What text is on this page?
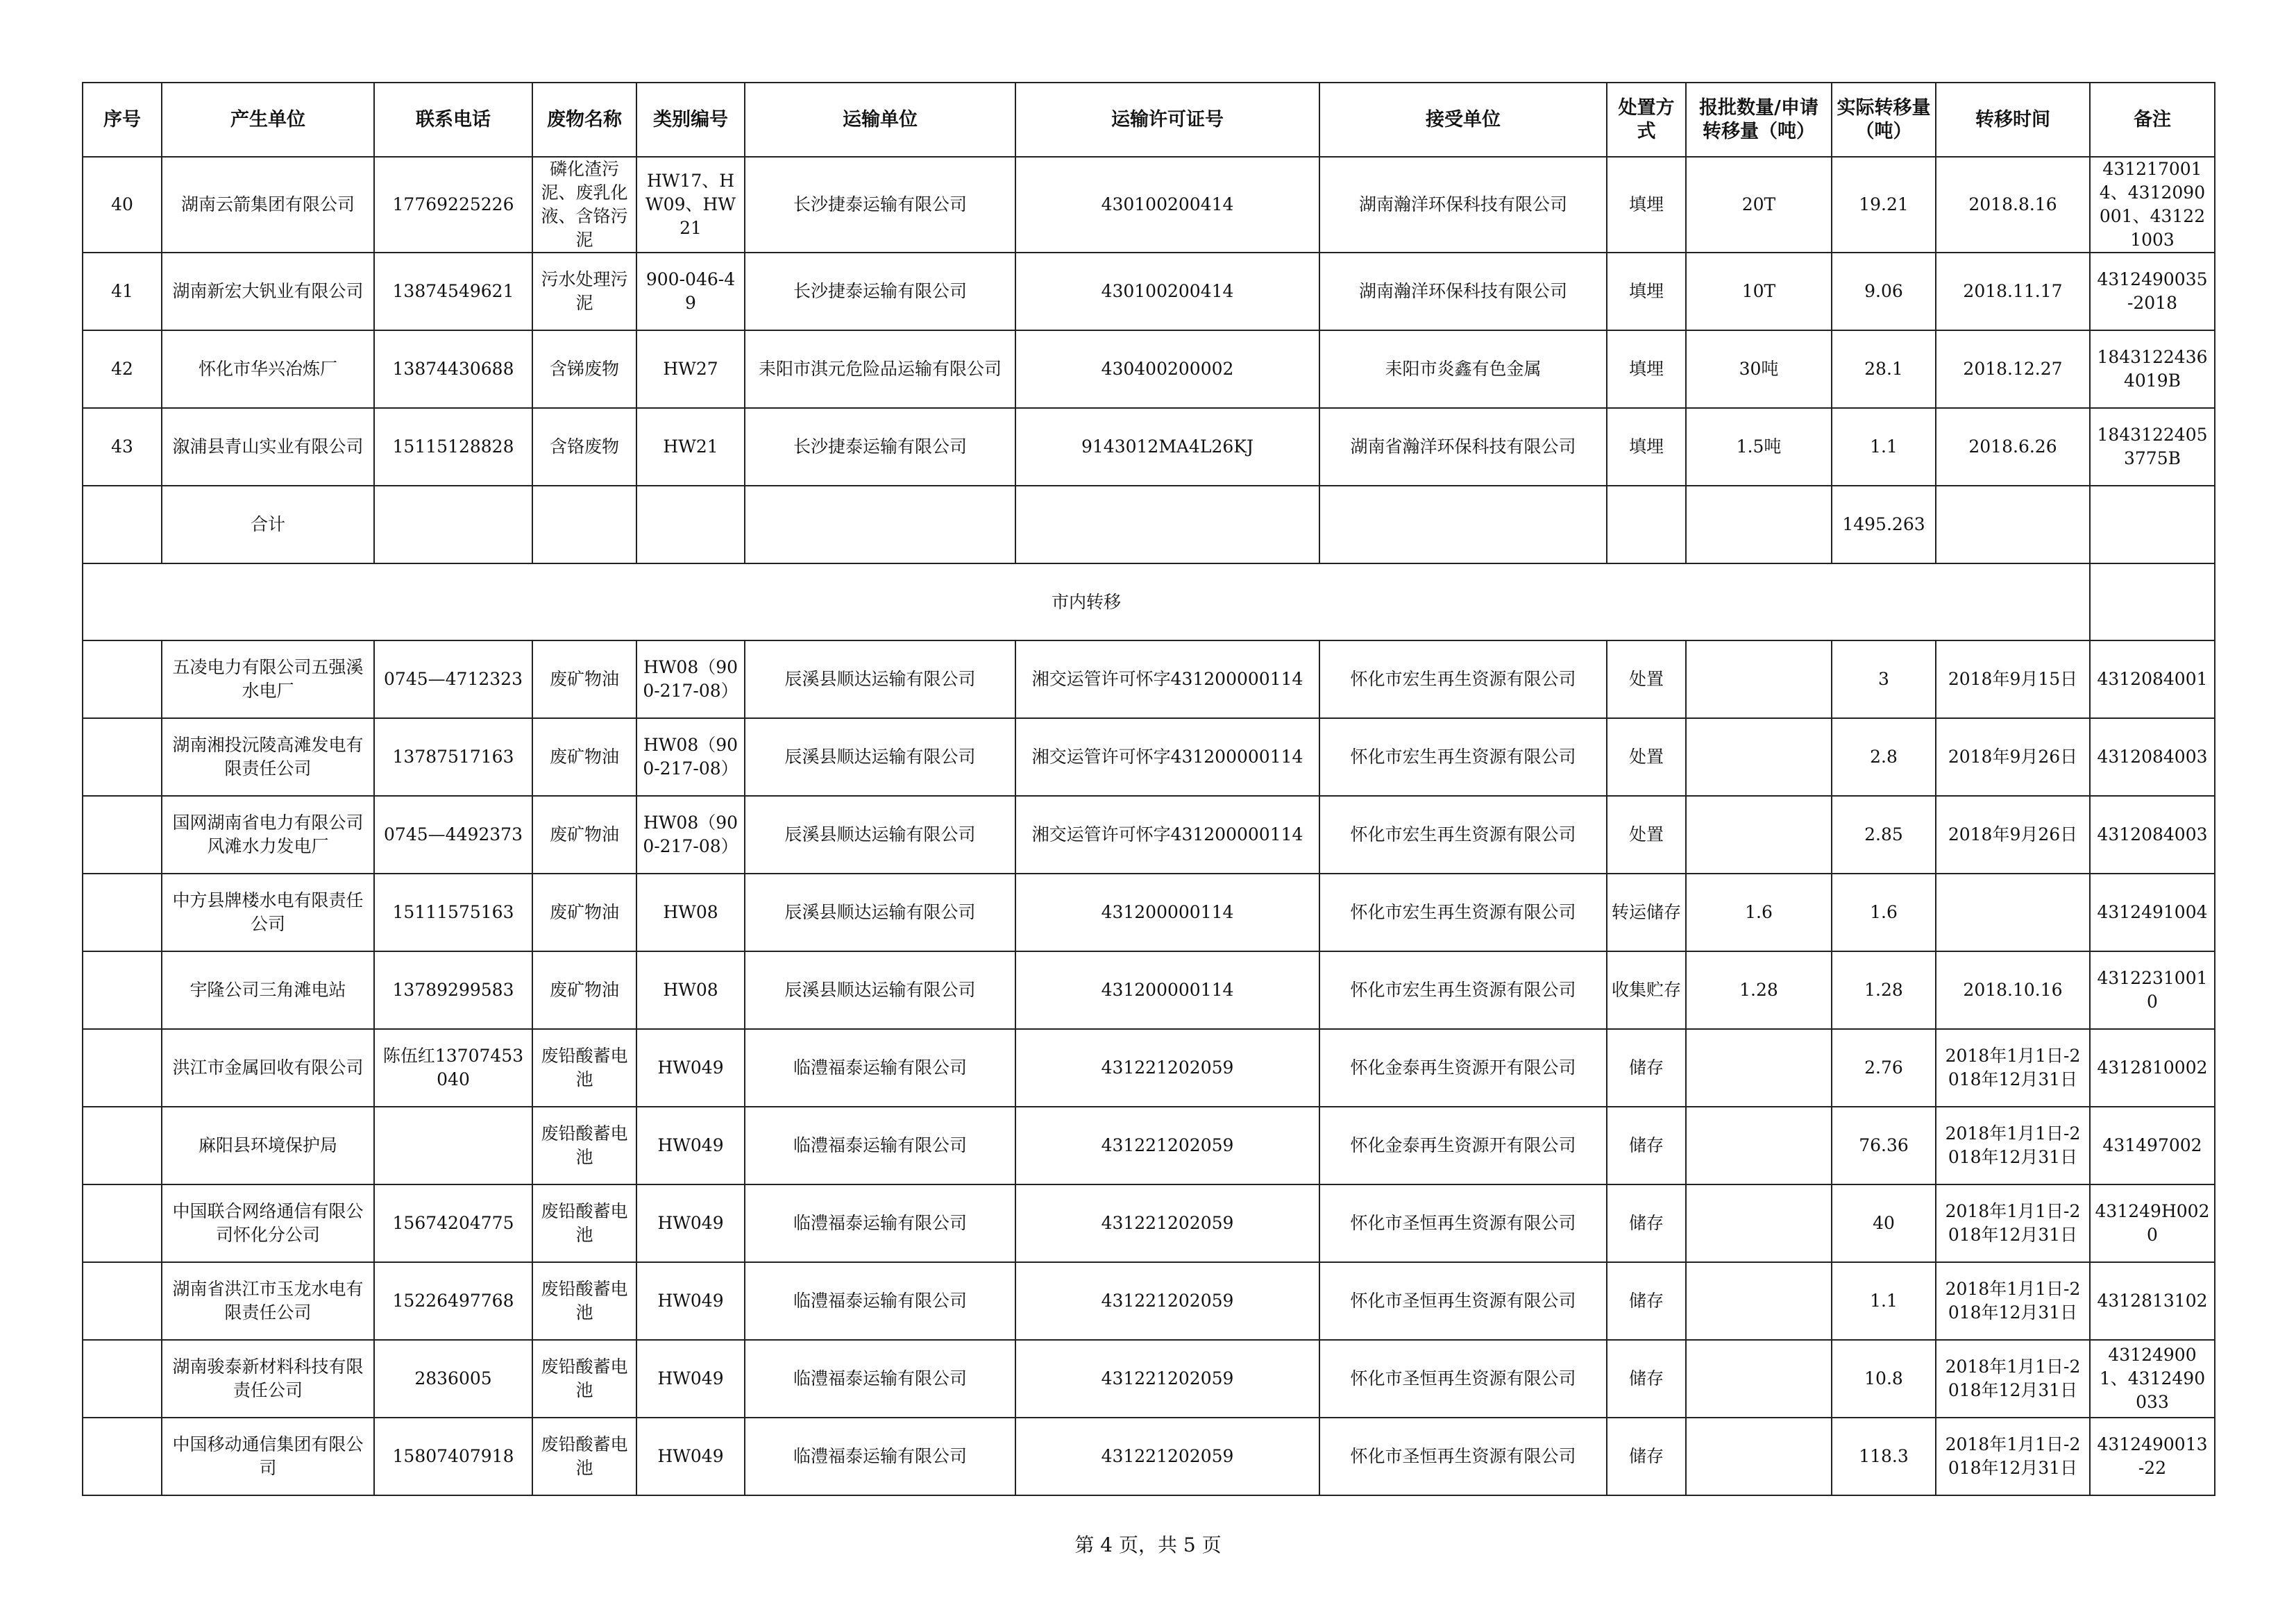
序号	产生单位	联系电话	废物名称	类别编号	运输单位	运输许可证号	接受单位	处置方式	报批数量/申请转移量（吨）	实际转移量（吨）	转移时间	备注
40	湖南云箭集团有限公司	17769225226	磷化渣污泥、废乳化液、含铬污泥	HW17、HW09、HW21	长沙捷泰运输有限公司	430100200414	湖南瀚洋环保科技有限公司	填埋	20T	19.21	2018.8.16	4312170014、4312090001、431221003
41	湖南新宏大钒业有限公司	13874549621	污水处理污泥	900-046-49	长沙捷泰运输有限公司	430100200414	湖南瀚洋环保科技有限公司	填埋	10T	9.06	2018.11.17	4312490035-2018
42	怀化市华兴冶炼厂	13874430688	含锑废物	HW27	耒阳市淇元危险品运输有限公司	430400200002	耒阳市炎鑫有色金属	填埋	30吨	28.1	2018.12.27	18431224364019B
43	溆浦县青山实业有限公司	15115128828	含铬废物	HW21	长沙捷泰运输有限公司	9143012MA4L26KJ	湖南省瀚洋环保科技有限公司	填埋	1.5吨	1.1	2018.6.26	18431224053775B
	合计									1495.263		
市内转移												
	五凌电力有限公司五强溪水电厂	0745—4712323	废矿物油	HW08（900-217-08）	辰溪县顺达运输有限公司	湘交运管许可怀字431200000114	怀化市宏生再生资源有限公司	处置		3	2018年9月15日	4312084001
	湖南湘投沅陵高滩发电有限责任公司	13787517163	废矿物油	HW08（900-217-08）	辰溪县顺达运输有限公司	湘交运管许可怀字431200000114	怀化市宏生再生资源有限公司	处置		2.8	2018年9月26日	4312084003
	国网湖南省电力有限公司风滩水力发电厂	0745—4492373	废矿物油	HW08（900-217-08）	辰溪县顺达运输有限公司	湘交运管许可怀字431200000114	怀化市宏生再生资源有限公司	处置		2.85	2018年9月26日	4312084003
	中方县牌楼水电有限责任公司	15111575163	废矿物油	HW08	辰溪县顺达运输有限公司	431200000114	怀化市宏生再生资源有限公司	转运储存	1.6	1.6		4312491004
	宇隆公司三角滩电站	13789299583	废矿物油	HW08	辰溪县顺达运输有限公司	431200000114	怀化市宏生再生资源有限公司	收集贮存	1.28	1.28	2018.10.16	43122310010
	洪江市金属回收有限公司	陈伍红13707453040	废铅酸蓄电池	HW049	临澧福泰运输有限公司	431221202059	怀化金泰再生资源开有限公司	储存		2.76	2018年1月1日-2018年12月31日	4312810002
	麻阳县环境保护局		废铅酸蓄电池	HW049	临澧福泰运输有限公司	431221202059	怀化金泰再生资源开有限公司	储存		76.36	2018年1月1日-2018年12月31日	431497002
	中国联合网络通信有限公司怀化分公司	15674204775	废铅酸蓄电池	HW049	临澧福泰运输有限公司	431221202059	怀化市圣恒再生资源有限公司	储存		40	2018年1月1日-2018年12月31日	431249H0020
	湖南省洪江市玉龙水电有限责任公司	15226497768	废铅酸蓄电池	HW049	临澧福泰运输有限公司	431221202059	怀化市圣恒再生资源有限公司	储存		1.1	2018年1月1日-2018年12月31日	4312813102
	湖南骏泰新材料科技有限责任公司	2836005	废铅酸蓄电池	HW049	临澧福泰运输有限公司	431221202059	怀化市圣恒再生资源有限公司	储存		10.8	2018年1月1日-2018年12月31日	431249001、4312490033
	中国移动通信集团有限公司	15807407918	废铅酸蓄电池	HW049	临澧福泰运输有限公司	431221202059	怀化市圣恒再生资源有限公司	储存		118.3	2018年1月1日-2018年12月31日	4312490013-22
第 4 页，共 5 页
